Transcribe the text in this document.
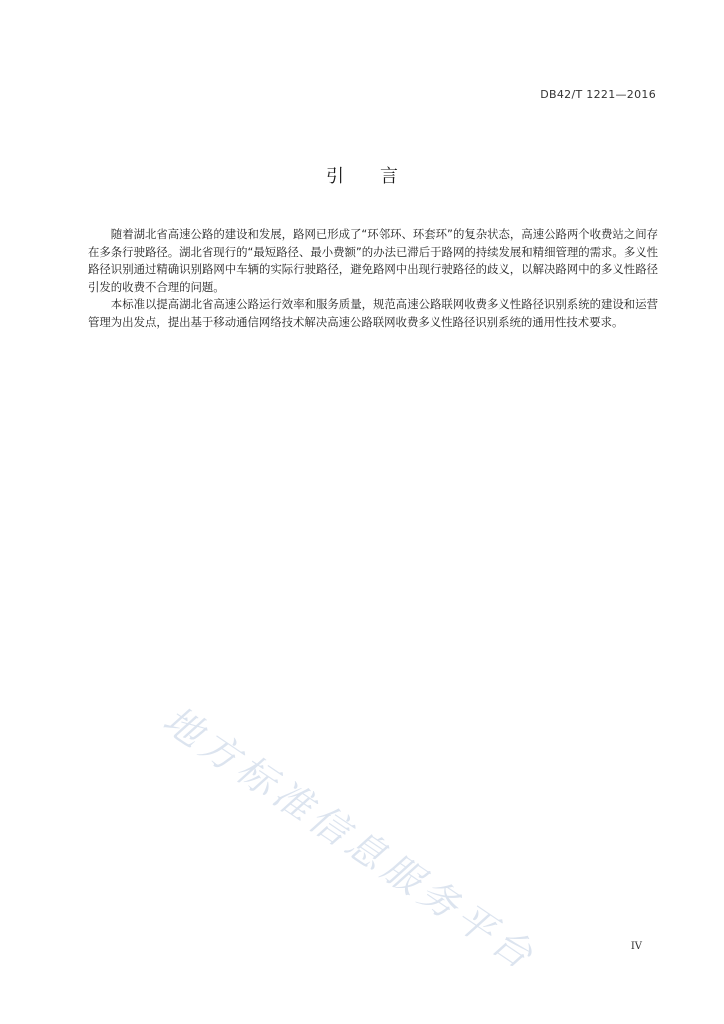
DB42/T 1221—2016
引 言

随着湖北省高速公路的建设和发展，路网已形成了“环邻环、环套环”的复杂状态，高速公路两个收费站之间存在多条行驶路径。湖北省现行的“最短路径、最小费额”的办法已滞后于路网的持续发展和精细管理的需求。多义性路径识别通过精确识别路网中车辆的实际行驶路径，避免路网中出现行驶路径的歧义，以解决路网中的多义性路径引发的收费不合理的问题。

本标准以提高湖北省高速公路运行效率和服务质量，规范高速公路联网收费多义性路径识别系统的建设和运营管理为出发点，提出基于移动通信网络技术解决高速公路联网收费多义性路径识别系统的通用性技术要求。

地方标准信息服务平台	IV
